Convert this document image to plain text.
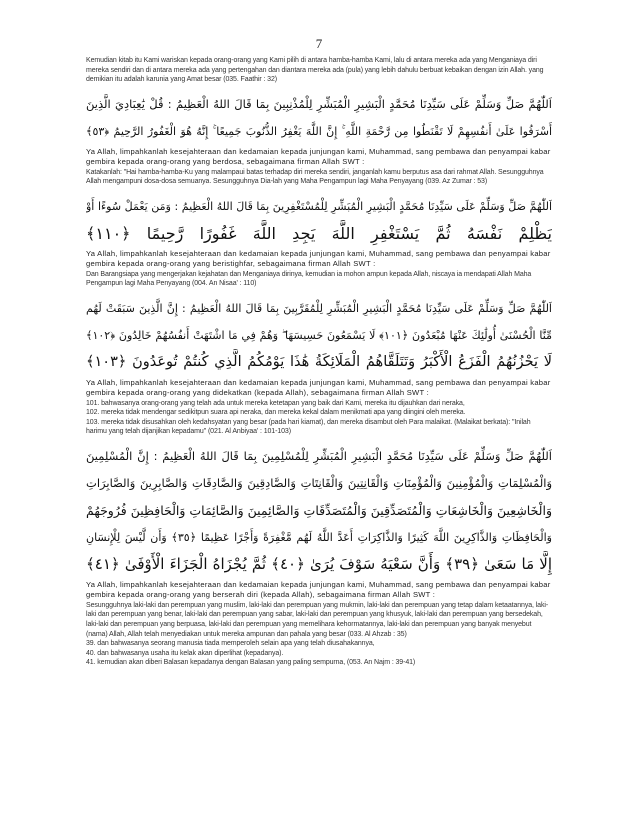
7

Kemudian kitab itu Kami wariskan kepada orang-orang yang Kami pilih di antara hamba-hamba Kami, lalu di antara mereka ada yang Menganiaya diri mereka sendiri dan di antara mereka ada yang pertengahan dan diantara mereka ada (pula) yang lebih dahulu berbuat kebaikan dengan izin Allah. yang demikian itu adalah karunia yang Amat besar (035. Faathir : 32)

اَللّٰهُمَّ صَلِّ وَسَلِّمْ عَلَى سَيِّدِنَا مُحَمَّدٍ الْبَشِيرِ الْمُبَشِّرِ لِلْمُذْنِبِينَ بِمَا قَالَ اللهُ الْعَظِيمُ : قُلْ يَٰعِبَادِيَ الَّذِينَ
أَسْرَفُوا عَلَىٰ أَنفُسِهِمْ لَا تَقْنَطُوا مِن رَّحْمَةِ اللَّهِ ۚ إِنَّ اللَّهَ يَغْفِرُ الذُّنُوبَ جَمِيعًا ۚ إِنَّهُ هُوَ الْغَفُورُ الرَّحِيمُ ﴿٥٣﴾

Ya Allah, limpahkanlah kesejahteraan dan kedamaian kepada junjungan kami, Muhammad, sang pembawa dan penyampai kabar gembira kepada orang-orang yang berdosa, sebagaimana firman Allah SWT :

Katakanlah: "Hai hamba-hamba-Ku yang malampaui batas terhadap diri mereka sendiri, janganlah kamu berputus asa dari rahmat Allah. Sesungguhnya Allah mengampuni dosa-dosa semuanya. Sesungguhnya Dia-lah yang Maha Pengampun lagi Maha Penyayang (039. Az Zumar : 53)

اَللّٰهُمَّ صَلِّ وَسَلِّمْ عَلَى سَيِّدِنَا مُحَمَّدٍ الْبَشِيرِ الْمُبَشِّرِ لِلْمُسْتَغْفِرِينَ بِمَا قَالَ اللهُ الْعَظِيمُ : وَمَن يَعْمَلْ سُوءًا أَوْ
يَظْلِمْ نَفْسَهُ ثُمَّ يَسْتَغْفِرِ اللَّهَ يَجِدِ اللَّهَ غَفُورًا رَّحِيمًا ﴿١١٠﴾

Ya Allah, limpahkanlah kesejahteraan dan kedamaian kepada junjungan kami, Muhammad, sang pembawa dan penyampai kabar gembira kepada orang-orang yang beristighfar, sebagaimana firman Allah SWT :

Dan Barangsiapa yang mengerjakan kejahatan dan Menganiaya dirinya, kemudian ia mohon ampun kepada Allah, niscaya ia mendapati Allah Maha Pengampun lagi Maha Penyayang (004. An Nisaa' : 110)

اَللّٰهُمَّ صَلِّ وَسَلِّمْ عَلَى سَيِّدِنَا مُحَمَّدٍ الْبَشِيرِ الْمُبَشِّرِ لِلْمُقَرَّبِينَ بِمَا قَالَ اللهُ الْعَظِيمُ : إِنَّ الَّذِينَ سَبَقَتْ لَهُم
مِّنَّا الْحُسْنَىٰ أُولَٰئِكَ عَنْهَا مُبْعَدُونَ ﴿١٠١﴾ لَا يَسْمَعُونَ حَسِيسَهَا ۖ وَهُمْ فِي مَا اشْتَهَتْ أَنفُسُهُمْ خَالِدُونَ ﴿١٠٢﴾
لَا يَحْزُنُهُمُ الْفَزَعُ الْأَكْبَرُ وَتَتَلَقَّاهُمُ الْمَلَائِكَةُ هَٰذَا يَوْمُكُمُ الَّذِي كُنتُمْ تُوعَدُونَ ﴿١٠٣﴾

Ya Allah, limpahkanlah kesejahteraan dan kedamaian kepada junjungan kami, Muhammad, sang pembawa dan penyampai kabar gembira kepada orang-orang yang didekatkan (kepada Allah), sebagaimana firman Allah SWT :

101. bahwasanya orang-orang yang telah ada untuk mereka ketetapan yang baik dari Kami, mereka itu dijauhkan dari neraka,

102. mereka tidak mendengar sedikitpun suara api neraka, dan mereka kekal dalam menikmati apa yang diingini oleh mereka.

103. mereka tidak disusahkan oleh kedahsyatan yang besar (pada hari kiamat), dan mereka disambut oleh Para malaikat. (Malaikat berkata): "Inilah harimu yang telah dijanjikan kepadamu" (021. Al Anbiyaa' : 101-103)

اَللّٰهُمَّ صَلِّ وَسَلِّمْ عَلَى سَيِّدِنَا مُحَمَّدٍ الْبَشِيرِ الْمُبَشِّرِ لِلْمُسْلِمِينَ بِمَا قَالَ اللهُ الْعَظِيمُ : إِنَّ الْمُسْلِمِينَ
وَالْمُسْلِمَاتِ وَالْمُؤْمِنِينَ وَالْمُؤْمِنَاتِ وَالْقَانِتِينَ وَالْقَانِتَاتِ وَالصَّادِقِينَ وَالصَّادِقَاتِ وَالصَّابِرِينَ وَالصَّابِرَاتِ
وَالْخَاشِعِينَ وَالْخَاشِعَاتِ وَالْمُتَصَدِّقِينَ وَالْمُتَصَدِّقَاتِ وَالصَّائِمِينَ وَالصَّائِمَاتِ وَالْحَافِظِينَ فُرُوجَهُمْ
وَالْحَافِظَاتِ وَالذَّاكِرِينَ اللَّهَ كَثِيرًا وَالذَّاكِرَاتِ أَعَدَّ اللَّهُ لَهُم مَّغْفِرَةً وَأَجْرًا عَظِيمًا ﴿٣٥﴾ وَأَن لَّيْسَ لِلْإِنسَانِ
إِلَّا مَا سَعَىٰ ﴿٣٩﴾ وَأَنَّ سَعْيَهُ سَوْفَ يُرَىٰ ﴿٤٠﴾ ثُمَّ يُجْزَاهُ الْجَزَاءَ الْأَوْفَىٰ ﴿٤١﴾

Ya Allah, limpahkanlah kesejahteraan dan kedamaian kepada junjungan kami, Muhammad, sang pembawa dan penyampai kabar gembira kepada orang-orang yang berserah diri (kepada Allah), sebagaimana firman Allah SWT :

Sesungguhnya laki-laki dan perempuan yang muslim, laki-laki dan perempuan yang mukmin, laki-laki dan perempuan yang tetap dalam ketaatannya, laki-laki dan perempuan yang benar, laki-laki dan perempuan yang sabar, laki-laki dan perempuan yang khusyuk, laki-laki dan perempuan yang bersedekah, laki-laki dan perempuan yang berpuasa, laki-laki dan perempuan yang memelihara kehormatannya, laki-laki dan perempuan yang banyak menyebut (nama) Allah, Allah telah menyediakan untuk mereka ampunan dan pahala yang besar (033. Al Ahzab : 35)

39. dan bahwasanya seorang manusia tiada memperoleh selain apa yang telah diusahakannya,

40. dan bahwasanya usaha itu kelak akan diperlihat (kepadanya).

41. kemudian akan diberi Balasan kepadanya dengan Balasan yang paling sempurna, (053. An Najm : 39-41)
